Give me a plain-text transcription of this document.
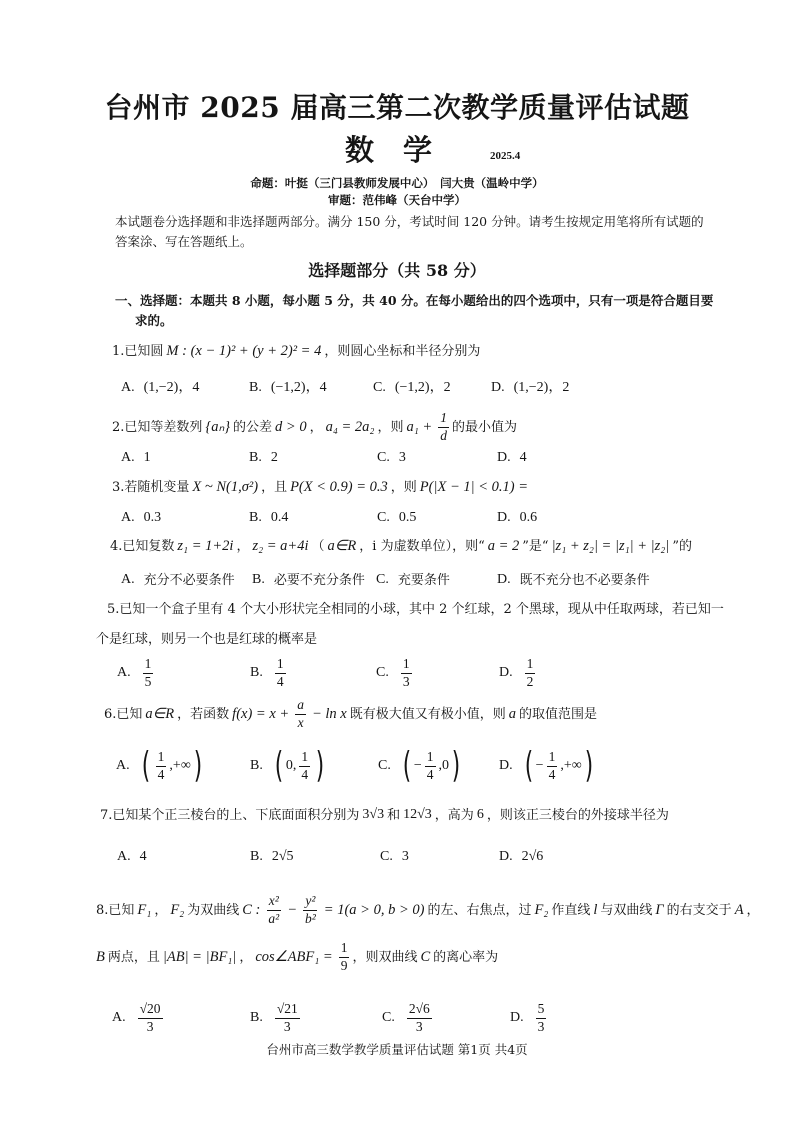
台州市 2025 届高三第二次教学质量评估试题
数　学	2025.4
命题：叶挺（三门县教师发展中心）　闫大贵（温岭中学）
审题：范伟峰（天台中学）
本试题卷分选择题和非选择题两部分。满分 150 分，考试时间 120 分钟。请考生按规定用笔将所有试题的
答案涂、写在答题纸上。
选择题部分（共 58 分）
一、选择题：本题共 8 小题，每小题 5 分，共 40 分。在每小题给出的四个选项中，只有一项是符合题目要
求的。
1.已知圆 M : (x − 1)² + (y + 2)² = 4 ，则圆心坐标和半径分别为
A. (1,−2)，4	B. (−1,2)，4	C. (−1,2)，2	D. (1,−2)，2
2.已知等差数列 {aₙ} 的公差 d > 0 ， a₄ = 2a₂ ，则 $a_1 + \frac{1}{d}$ 的最小值为
A. 1	B. 2	C. 3	D. 4
3.若随机变量 X ~ N(1,σ²) ，且 P(X < 0.9) = 0.3 ，则 P(|X − 1| < 0.1) =
A. 0.3	B. 0.4	C. 0.5	D. 0.6
4.已知复数 z₁ = 1+2i ， z₂ = a+4i （ a∈R ，i 为虚数单位），则“ a = 2 ”是“ |z₁ + z₂| = |z₁| + |z₂| ”的
A. 充分不必要条件 B. 必要不充分条件 C. 充要条件	D. 既不充分也不必要条件
5.已知一个盒子里有 4 个大小形状完全相同的小球，其中 2 个红球，2 个黑球，现从中任取两球，若已知一
个是红球，则另一个也是红球的概率是
A. $\frac{1}{5}$	B. $\frac{1}{4}$	C. $\frac{1}{3}$	D. $\frac{1}{2}$
6.已知 a∈R ，若函数 $f(x) = x + \frac{a}{x} - \ln x$ 既有极大值又有极小值，则 a 的取值范围是
A. ( $\frac{1}{4}$ ,+∞ )	B. ( 0, $\frac{1}{4}$ )	C. ( − $\frac{1}{4} ,0$ )	D. ( − $\frac{1}{4}$ ,+∞ )
7.已知某个正三棱台的上、下底面面积分别为 3√3 和 12√3 ，高为 6 ，则该正三棱台的外接球半径为
A. 4	B. 2√5	C. 3	D. 2√6
8.已知 F₁ ， F₂ 为双曲线 C : $\frac{\text{x²}}{\text{a²}} - \frac{\text{y²}}{\text{b²}} = 1(a > 0$, b > 0) 的左、右焦点，过 F₂ 作直线 l 与双曲线 Γ 的右支交于 A ，
B 两点，且 |AB| = |BF₁| ， cos∠ABF₁ = $\frac{1}{9}$ ，则双曲线 C 的离心率为
A. $\frac{√20}{3}$	B. $\frac{√21}{3}$	C. $\frac{2√6}{3}$	D. $\frac{5}{3}$
台州市高三数学教学质量评估试题 第1页 共4页
